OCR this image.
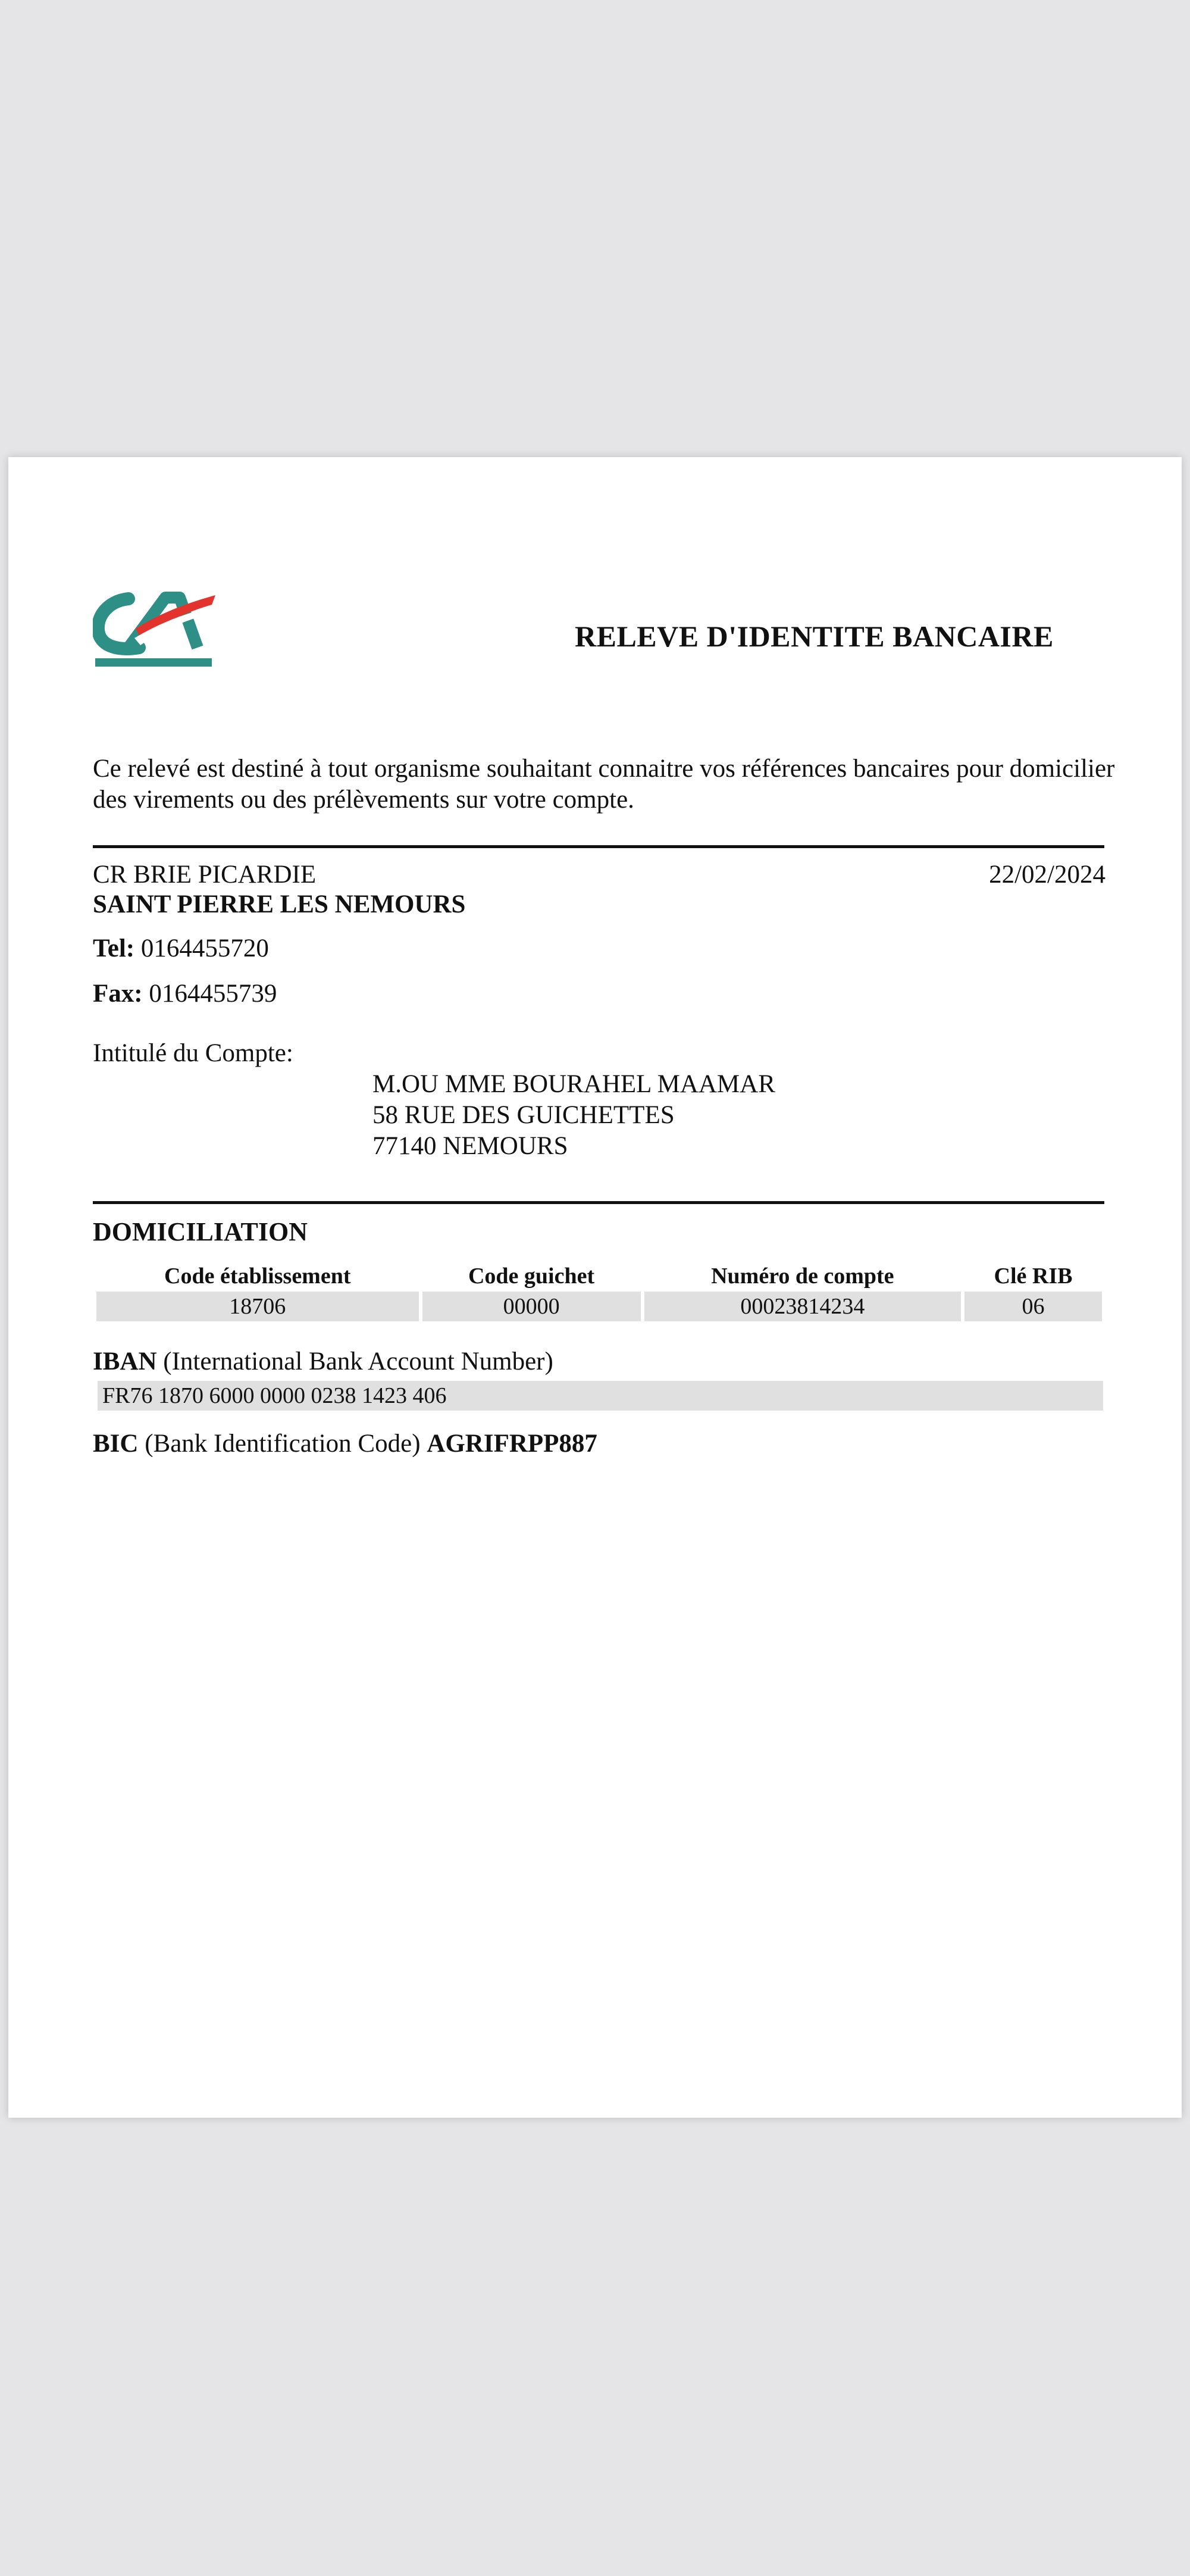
RELEVE D'IDENTITE BANCAIRE
Ce relevé est destiné à tout organisme souhaitant connaitre vos références bancaires pour domicilier des virements ou des prélèvements sur votre compte.
CR BRIE PICARDIE	22/02/2024
SAINT PIERRE LES NEMOURS
Tel: 0164455720
Fax: 0164455739
Intitulé du Compte:
M.OU MME BOURAHEL MAAMAR
58 RUE DES GUICHETTES
77140 NEMOURS
DOMICILIATION
Code établissement	Code guichet	Numéro de compte	Clé RIB
18706	00000	00023814234	06
IBAN (International Bank Account Number)
FR76 1870 6000 0000 0238 1423 406
BIC (Bank Identification Code) AGRIFRPP887
